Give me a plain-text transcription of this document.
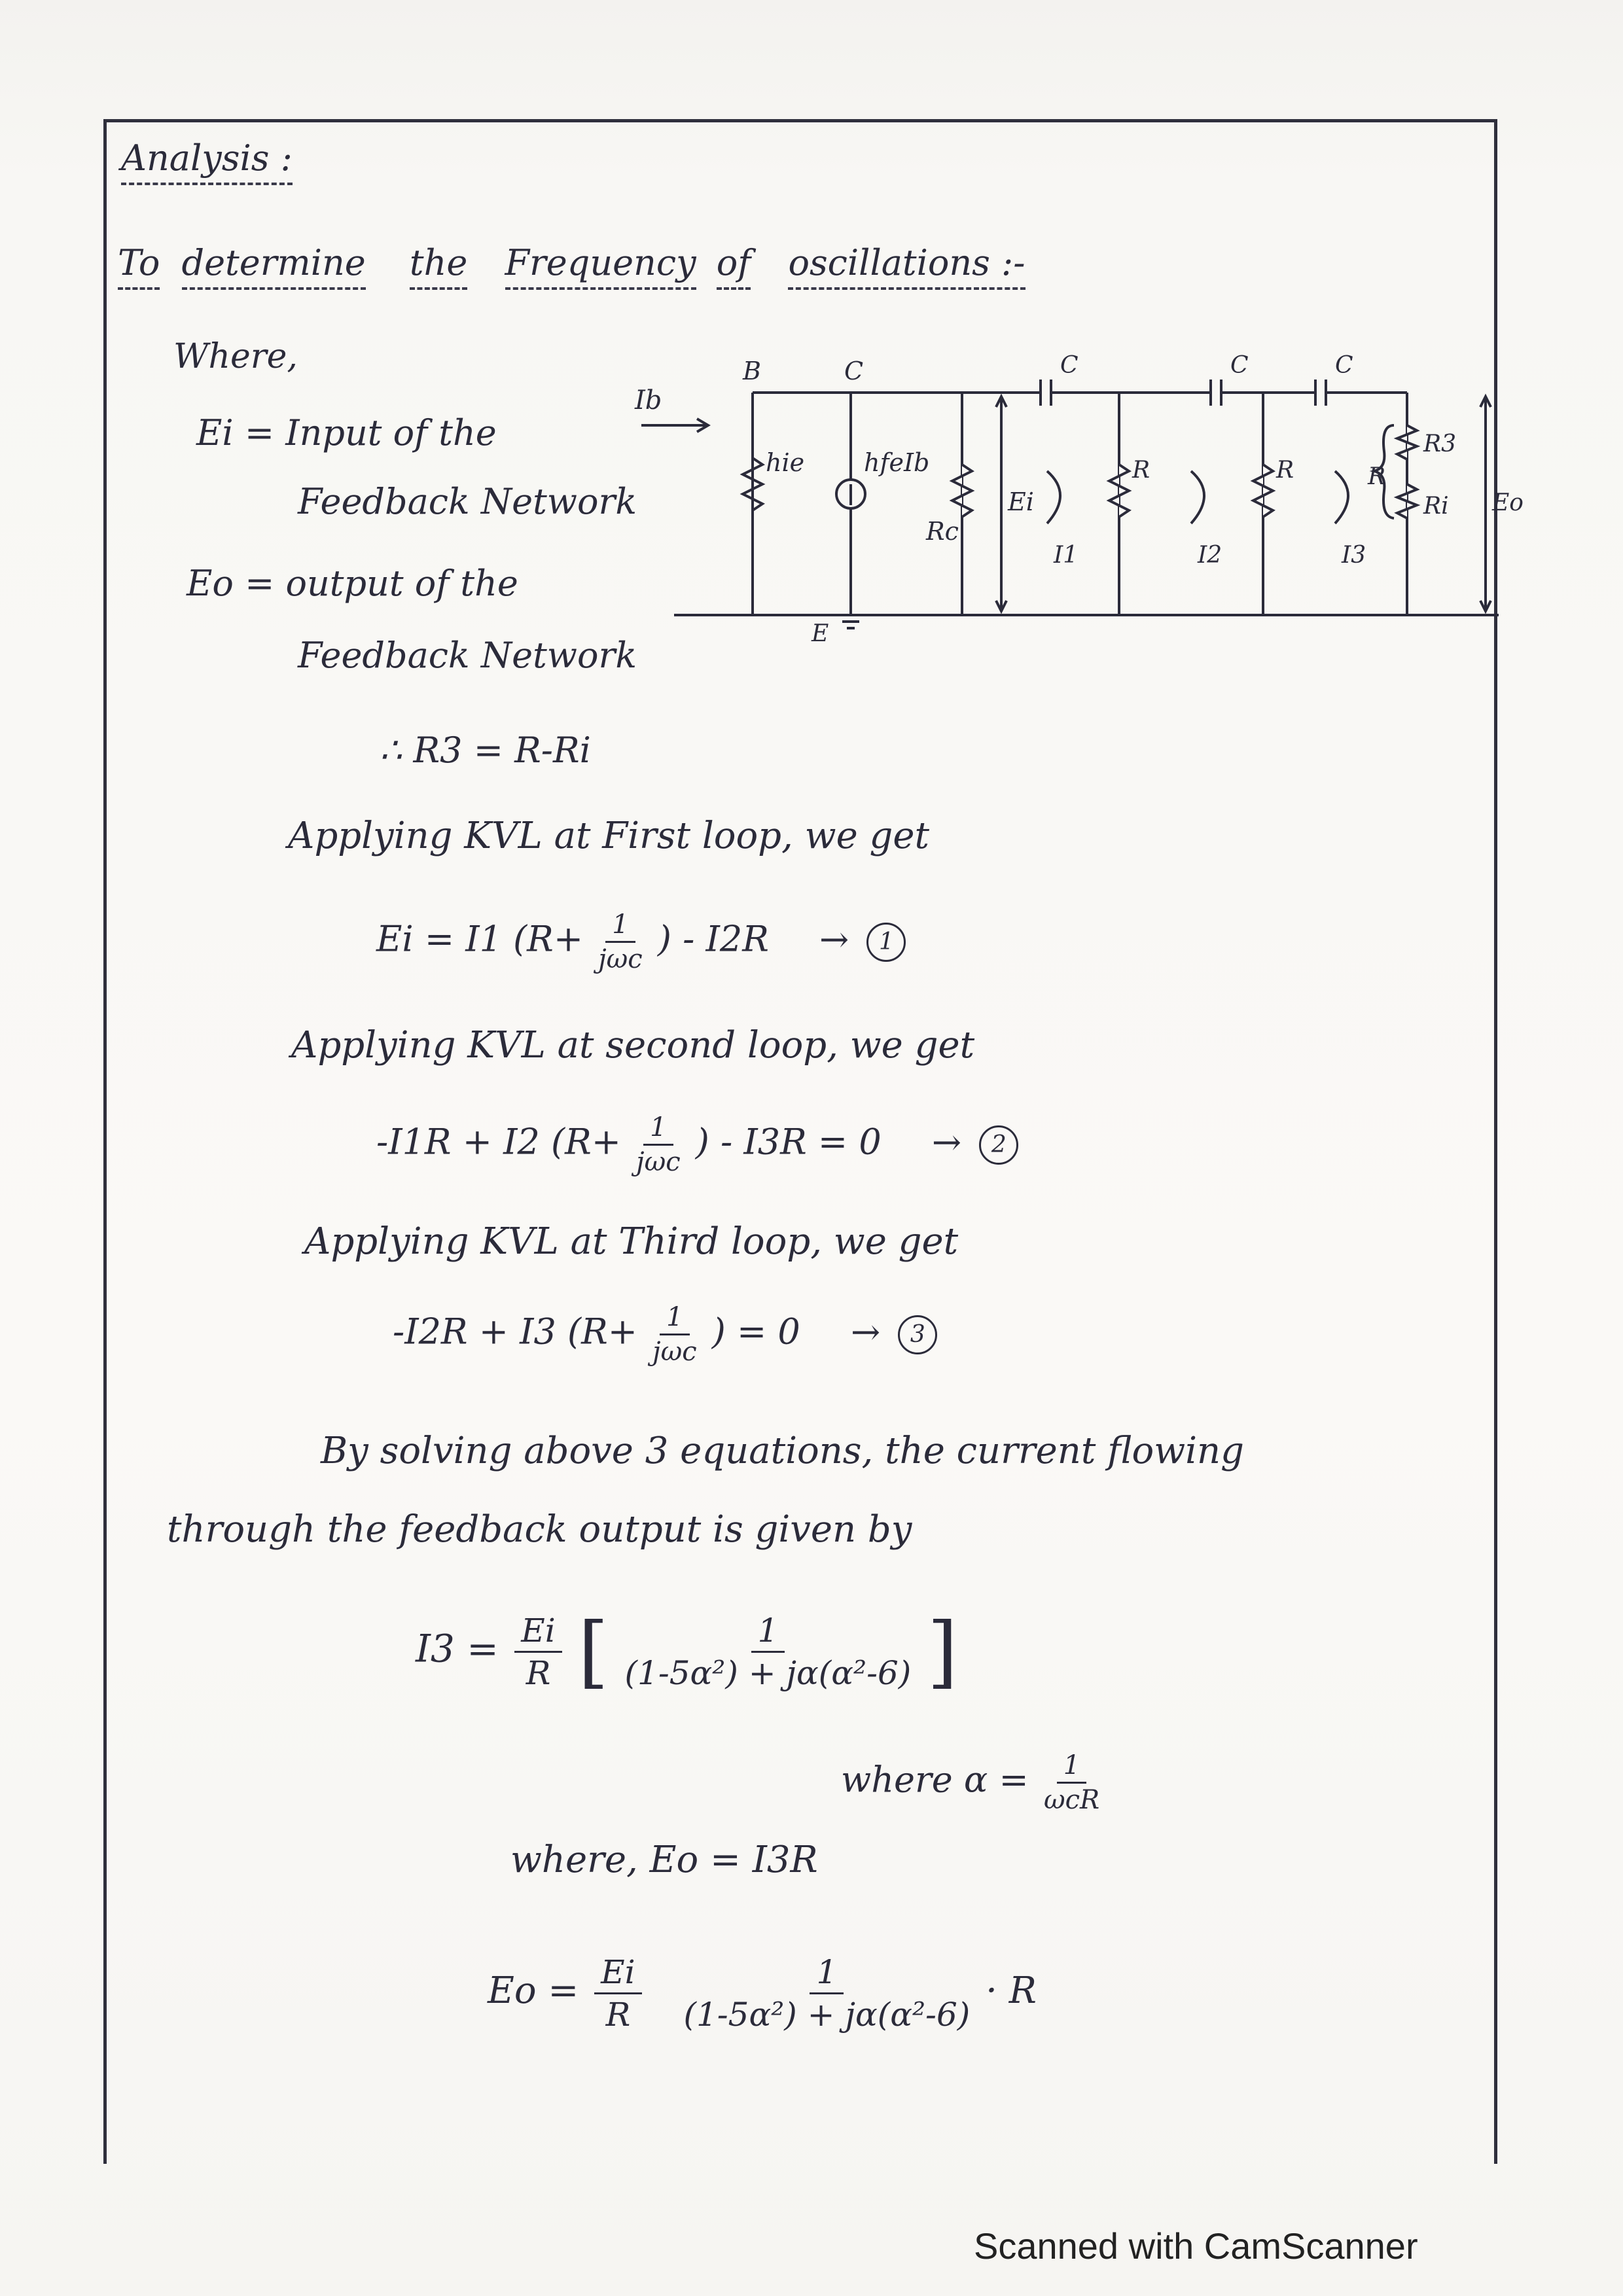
Analysis :
To determine the Frequency of oscillations :-
Where,
Ei = Input of the
Feedback Network
Eo = output of the
Feedback Network
∴ R3 = R-Ri
Ib
B	C
hie hfeIb
Rc
Ei
C	C	C
R	R	R
R3
Ri
I1	I2	I3
E
Eo
Applying KVL at First loop, we get
Ei = I1 ($R+ \frac{1}{\text{jωc}}$ ) - I2R → 1
Applying KVL at second loop, we get
-I1R + I2 ($R+ \frac{1}{\text{jωc}}$ ) - I3R = 0 → 2
Applying KVL at Third loop, we get
-I2R + I3 ($R+ \frac{1}{\text{jωc}}$ ) = 0 → 3
By solving above 3 equations, the current flowing
through the feedback output is given by
$I3 = \frac{Ei}{R}$ [ $\frac{1}{\text{(1-5α²) + jα(α²-6)}}$ ]
where $\alpha = \frac{1}{\text{ωcR}}$
where, Eo = I3R
$Eo = \frac{Ei}{R}$
$\frac{1}{\text{(1-5α²) + jα(α²-6)}} \cdot R$
Scanned with CamScanner
